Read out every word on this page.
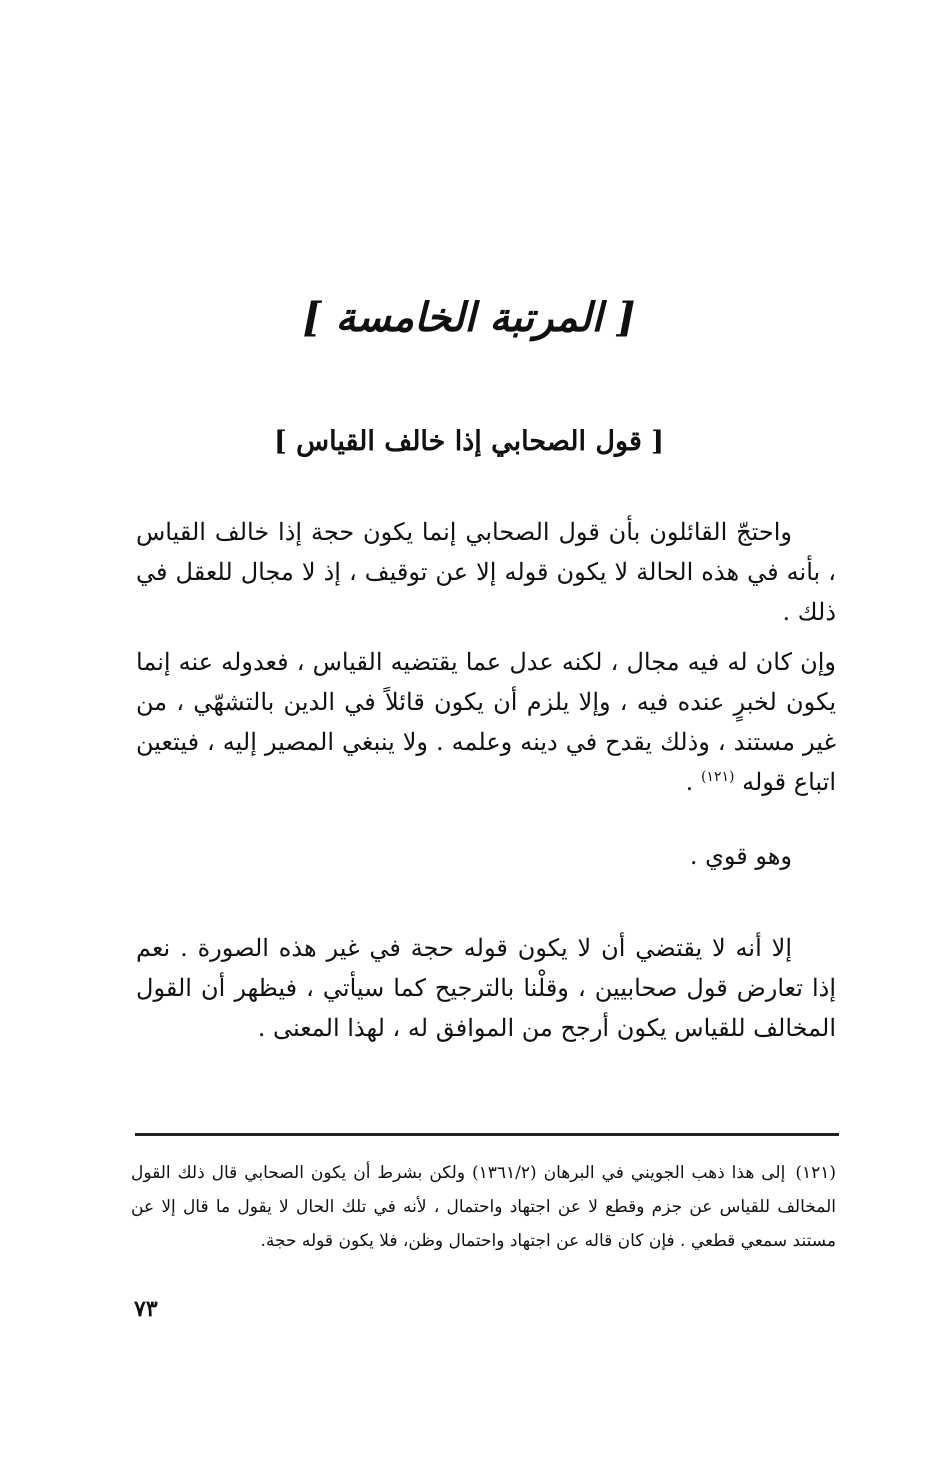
[ المرتبة الخامسة ]
[ قول الصحابي إذا خالف القياس ]

واحتجّ القائلون بأن قول الصحابي إنما يكون حجة إذا خالف القياس ، بأنه في هذه الحالة لا يكون قوله إلا عن توقيف ، إذ لا مجال للعقل في ذلك .

وإن كان له فيه مجال ، لكنه عدل عما يقتضيه القياس ، فعدوله عنه إنما يكون لخبرٍ عنده فيه ، وإلا يلزم أن يكون قائلاً في الدين بالتشهّي ، من غير مستند ، وذلك يقدح في دينه وعلمه . ولا ينبغي المصير إليه ، فيتعين اتباع قوله $^{(١٢١)}$ .

وهو قوي .

إلا أنه لا يقتضي أن لا يكون قوله حجة في غير هذه الصورة . نعم إذا تعارض قول صحابيين ، وقلْنا بالترجيح كما سيأتي ، فيظهر أن القول المخالف للقياس يكون أرجح من الموافق له ، لهذا المعنى .

(١٢١)إلى هذا ذهب الجويني في البرهان (١٣٦١/٢) ولكن بشرط أن يكون الصحابي قال ذلك القول المخالف للقياس عن جزم وقطع لا عن اجتهاد واحتمال ، لأنه في تلك الحال لا يقول ما قال إلا عن مستند سمعي قطعي . فإن كان قاله عن اجتهاد واحتمال وظن، فلا يكون قوله حجة.

٧٣
